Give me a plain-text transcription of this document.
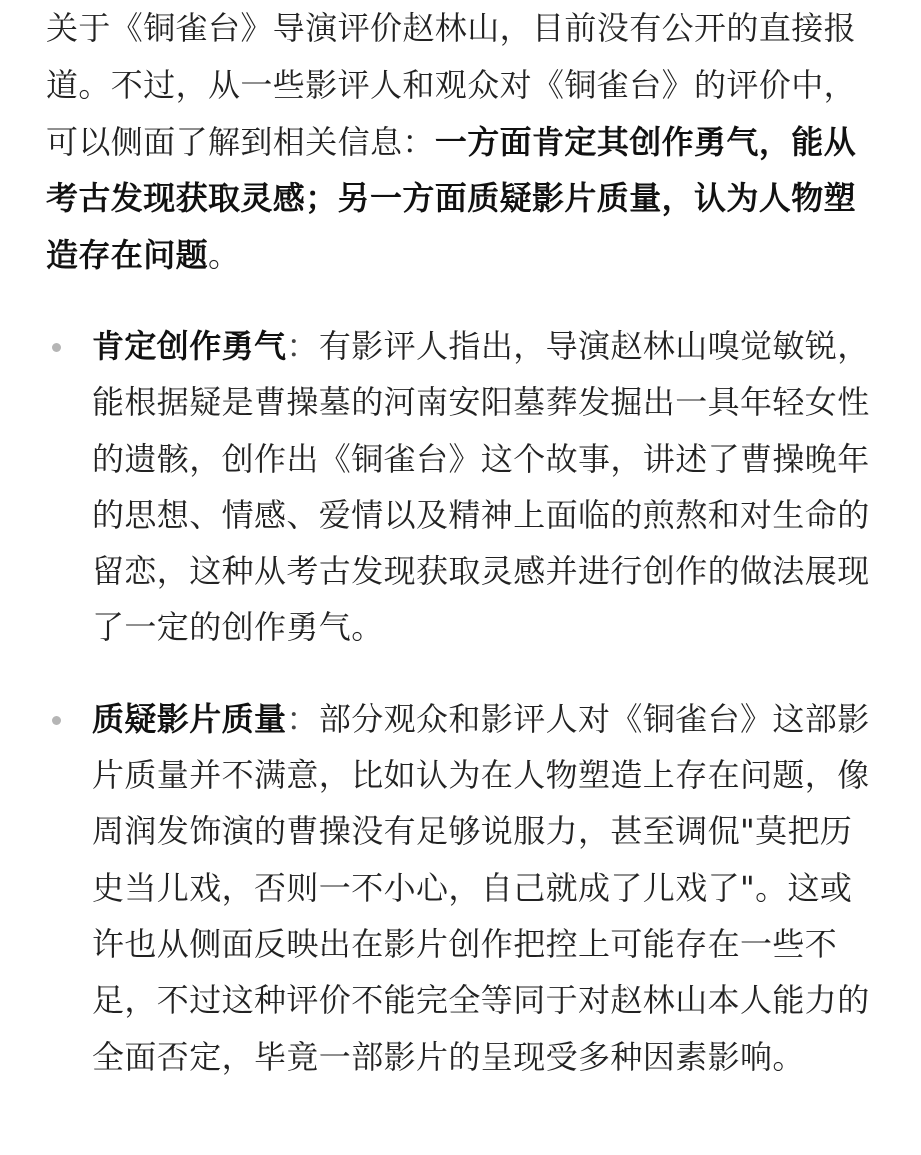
关于《铜雀台》导演评价赵林山，目前没有公开的直接报道。不过，从一些影评人和观众对《铜雀台》的评价中，可以侧面了解到相关信息：一方面肯定其创作勇气，能从考古发现获取灵感；另一方面质疑影片质量，认为人物塑造存在问题。

肯定创作勇气：有影评人指出，导演赵林山嗅觉敏锐，能根据疑是曹操墓的河南安阳墓葬发掘出一具年轻女性的遗骸，创作出《铜雀台》这个故事，讲述了曹操晚年的思想、情感、爱情以及精神上面临的煎熬和对生命的留恋，这种从考古发现获取灵感并进行创作的做法展现了一定的创作勇气。
质疑影片质量：部分观众和影评人对《铜雀台》这部影片质量并不满意，比如认为在人物塑造上存在问题，像周润发饰演的曹操没有足够说服力，甚至调侃"莫把历史当儿戏，否则一不小心，自己就成了儿戏了"。这或许也从侧面反映出在影片创作把控上可能存在一些不足，不过这种评价不能完全等同于对赵林山本人能力的全面否定，毕竟一部影片的呈现受多种因素影响。
